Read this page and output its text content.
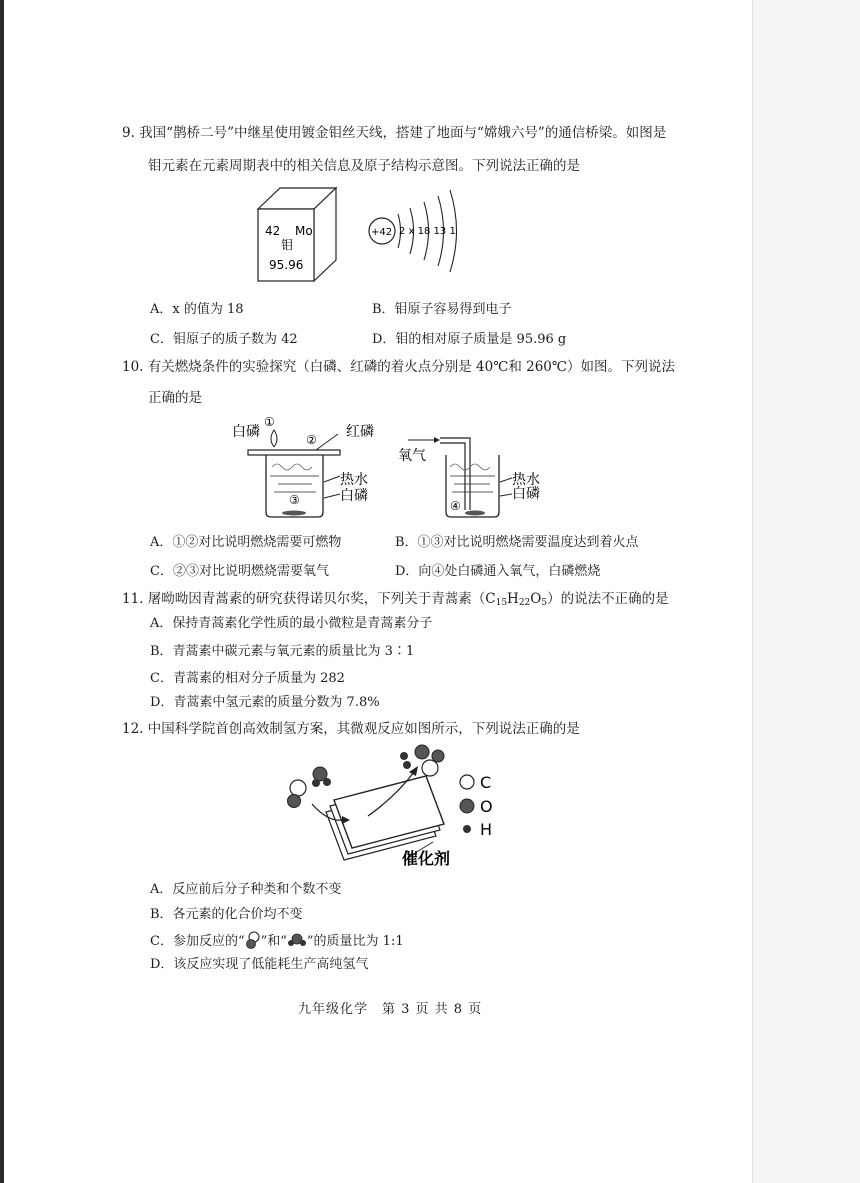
9. 我国“鹊桥二号”中继星使用镀金钼丝天线，搭建了地面与“嫦娥六号”的通信桥梁。如图是
钼元素在元素周期表中的相关信息及原子结构示意图。下列说法正确的是
42 Mo
钼
95.96
+42 2 x 18 13 1
A．x 的值为 18	B．钼原子容易得到电子
C．钼原子的质子数为 42	D．钼的相对原子质量是 95.96 g
10. 有关燃烧条件的实验探究（白磷、红磷的着火点分别是 40℃和 260℃）如图。下列说法
正确的是
白磷
①
② 红磷
③
热水
白磷
氧气
④
热水
白磷
A．①②对比说明燃烧需要可燃物	B．①③对比说明燃烧需要温度达到着火点
C．②③对比说明燃烧需要氧气	D．向④处白磷通入氧气，白磷燃烧
11. 屠呦呦因青蒿素的研究获得诺贝尔奖，下列关于青蒿素$(C_{15}H_{22}O_5)$的说法不正确的是
A．保持青蒿素化学性质的最小微粒是青蒿素分子
B．青蒿素中碳元素与氧元素的质量比为 3∶1
C．青蒿素的相对分子质量为 282
D．青蒿素中氢元素的质量分数为 7.8%
12. 中国科学院首创高效制氢方案，其微观反应如图所示，下列说法正确的是
催化剂
C
O
H
A．反应前后分子种类和个数不变
B．各元素的化合价均不变
C．参加反应的“ ”和“ ”的质量比为 1:1
D．该反应实现了低能耗生产高纯氢气
九年级化学　第 3 页 共 8 页
